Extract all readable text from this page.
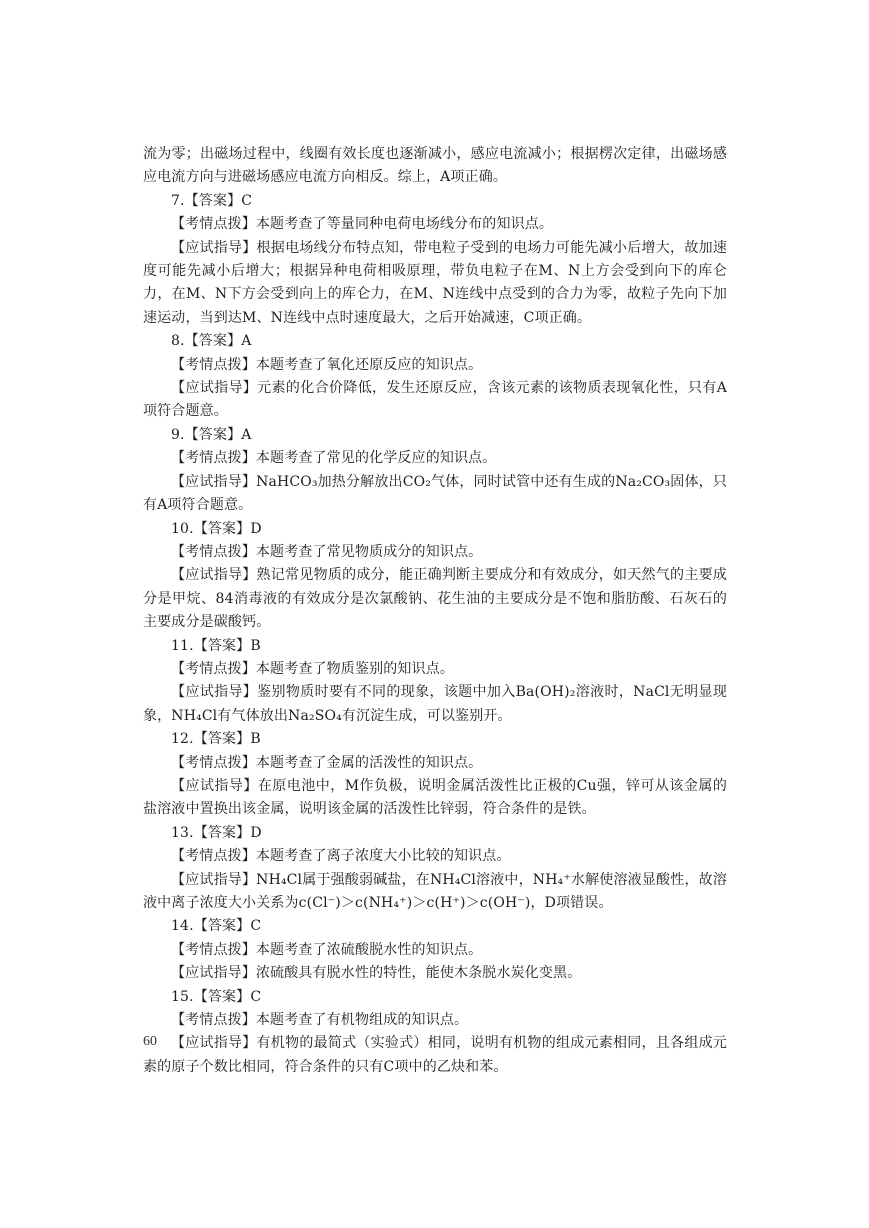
流为零；出磁场过程中，线圈有效长度也逐渐减小，感应电流减小；根据楞次定律，出磁场感应电流方向与进磁场感应电流方向相反。综上，A项正确。

7.【答案】C

【考情点拨】本题考查了等量同种电荷电场线分布的知识点。

【应试指导】根据电场线分布特点知，带电粒子受到的电场力可能先减小后增大，故加速度可能先减小后增大；根据异种电荷相吸原理，带负电粒子在M、N上方会受到向下的库仑力，在M、N下方会受到向上的库仑力，在M、N连线中点受到的合力为零，故粒子先向下加速运动，当到达M、N连线中点时速度最大，之后开始减速，C项正确。

8.【答案】A

【考情点拨】本题考查了氧化还原反应的知识点。

【应试指导】元素的化合价降低，发生还原反应，含该元素的该物质表现氧化性，只有A项符合题意。

9.【答案】A

【考情点拨】本题考查了常见的化学反应的知识点。

【应试指导】NaHCO₃加热分解放出CO₂气体，同时试管中还有生成的Na₂CO₃固体，只有A项符合题意。

10.【答案】D

【考情点拨】本题考查了常见物质成分的知识点。

【应试指导】熟记常见物质的成分，能正确判断主要成分和有效成分，如天然气的主要成分是甲烷、84消毒液的有效成分是次氯酸钠、花生油的主要成分是不饱和脂肪酸、石灰石的主要成分是碳酸钙。

11.【答案】B

【考情点拨】本题考查了物质鉴别的知识点。

【应试指导】鉴别物质时要有不同的现象，该题中加入Ba(OH)₂溶液时，NaCl无明显现象，NH₄Cl有气体放出Na₂SO₄有沉淀生成，可以鉴别开。

12.【答案】B

【考情点拨】本题考查了金属的活泼性的知识点。

【应试指导】在原电池中，M作负极，说明金属活泼性比正极的Cu强，锌可从该金属的盐溶液中置换出该金属，说明该金属的活泼性比锌弱，符合条件的是铁。

13.【答案】D

【考情点拨】本题考查了离子浓度大小比较的知识点。

【应试指导】NH₄Cl属于强酸弱碱盐，在NH₄Cl溶液中，NH₄⁺水解使溶液显酸性，故溶液中离子浓度大小关系为c(Cl⁻)＞c(NH₄⁺)＞c(H⁺)＞c(OH⁻)，D项错误。

14.【答案】C

【考情点拨】本题考查了浓硫酸脱水性的知识点。

【应试指导】浓硫酸具有脱水性的特性，能使木条脱水炭化变黑。

15.【答案】C

【考情点拨】本题考查了有机物组成的知识点。

【应试指导】有机物的最简式（实验式）相同，说明有机物的组成元素相同，且各组成元素的原子个数比相同，符合条件的只有C项中的乙炔和苯。

60
